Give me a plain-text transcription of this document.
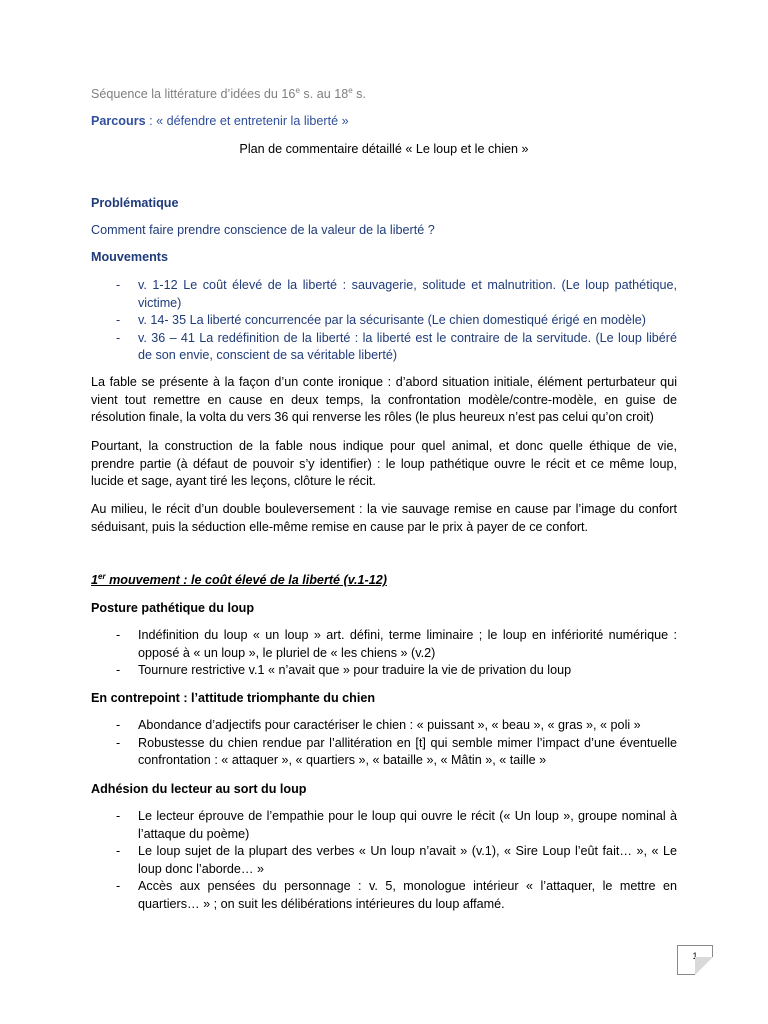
Séquence la littérature d’idées du 16e s. au 18e s.
Parcours : « défendre et entretenir la liberté »
Plan de commentaire détaillé « Le loup et le chien »
Problématique
Comment faire prendre conscience de la valeur de la liberté ?
Mouvements
- v. 1-12 Le coût élevé de la liberté : sauvagerie, solitude et malnutrition. (Le loup pathétique, victime)
- v. 14- 35 La liberté concurrencée par la sécurisante (Le chien domestiqué érigé en modèle)
- v. 36 – 41 La redéfinition de la liberté : la liberté est le contraire de la servitude. (Le loup libéré de son envie, conscient de sa véritable liberté)
La fable se présente à la façon d’un conte ironique : d’abord situation initiale, élément perturbateur qui vient tout remettre en cause en deux temps, la confrontation modèle/contre-modèle, en guise de résolution finale, la volta du vers 36 qui renverse les rôles (le plus heureux n’est pas celui qu’on croit)
Pourtant, la construction de la fable nous indique pour quel animal, et donc quelle éthique de vie, prendre partie (à défaut de pouvoir s’y identifier) : le loup pathétique ouvre le récit et ce même loup, lucide et sage, ayant tiré les leçons, clôture le récit.
Au milieu, le récit d’un double bouleversement : la vie sauvage remise en cause par l’image du confort séduisant, puis la séduction elle-même remise en cause par le prix à payer de ce confort.
1er mouvement : le coût élevé de la liberté (v.1-12)
Posture pathétique du loup
- Indéfinition du loup « un loup » art. défini, terme liminaire ; le loup en infériorité numérique : opposé à « un loup », le pluriel de « les chiens » (v.2)
- Tournure restrictive v.1 « n’avait que » pour traduire la vie de privation du loup
En contrepoint : l’attitude triomphante du chien
- Abondance d’adjectifs pour caractériser le chien : « puissant », « beau », « gras », « poli »
- Robustesse du chien rendue par l’allitération en [t] qui semble mimer l’impact d’une éventuelle confrontation : « attaquer », « quartiers », « bataille », « Mâtin », « taille »
Adhésion du lecteur au sort du loup
- Le lecteur éprouve de l’empathie pour le loup qui ouvre le récit (« Un loup », groupe nominal à l’attaque du poème)
- Le loup sujet de la plupart des verbes « Un loup n’avait » (v.1), « Sire Loup l’eût fait… », « Le loup donc l’aborde… »
- Accès aux pensées du personnage : v. 5, monologue intérieur « l’attaquer, le mettre en quartiers… » ; on suit les délibérations intérieures du loup affamé.
1
